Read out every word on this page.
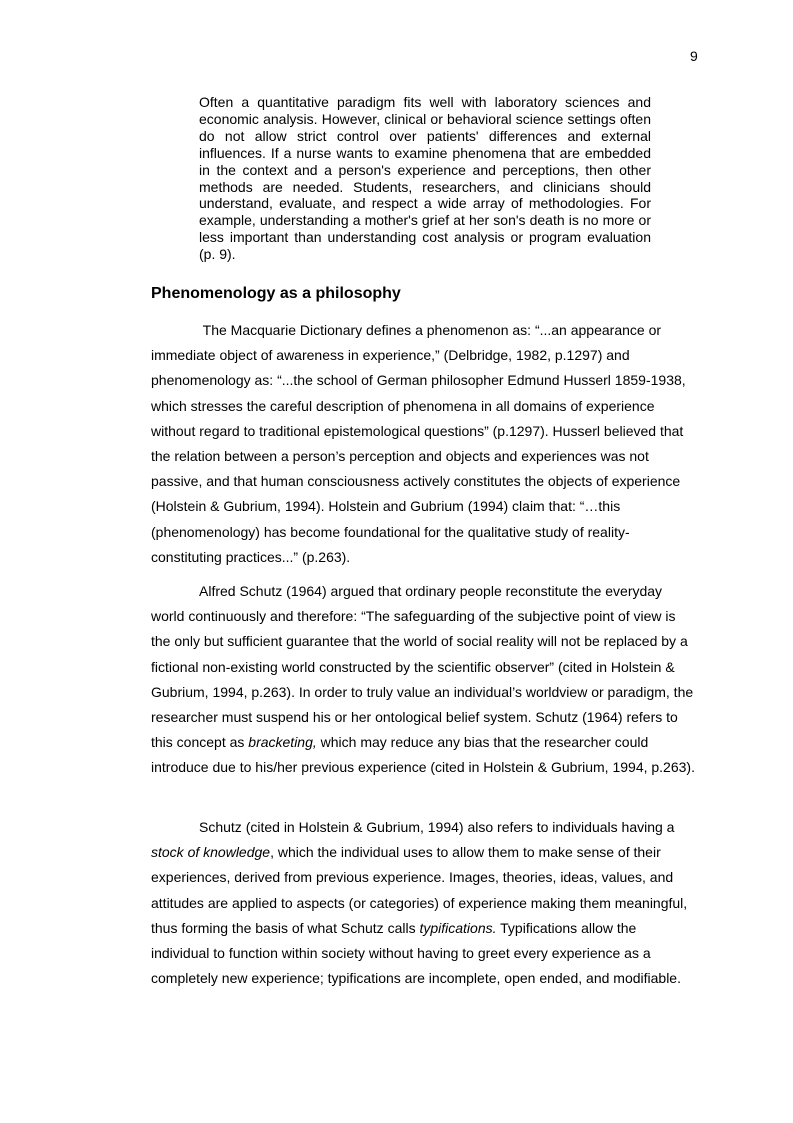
9

Often a quantitative paradigm fits well with laboratory sciences and economic analysis. However, clinical or behavioral science settings often do not allow strict control over patients' differences and external influences. If a nurse wants to examine phenomena that are embedded in the context and a person's experience and perceptions, then other methods are needed. Students, researchers, and clinicians should understand, evaluate, and respect a wide array of methodologies. For example, understanding a mother's grief at her son's death is no more or less important than understanding cost analysis or program evaluation (p. 9).

Phenomenology as a philosophy

The Macquarie Dictionary defines a phenomenon as: “...an appearance or immediate object of awareness in experience,” (Delbridge, 1982, p.1297) and phenomenology as: “...the school of German philosopher Edmund Husserl 1859-1938, which stresses the careful description of phenomena in all domains of experience without regard to traditional epistemological questions” (p.1297). Husserl believed that the relation between a person’s perception and objects and experiences was not passive, and that human consciousness actively constitutes the objects of experience (Holstein & Gubrium, 1994). Holstein and Gubrium (1994) claim that: “…this (phenomenology) has become foundational for the qualitative study of reality-constituting practices...” (p.263).

Alfred Schutz (1964) argued that ordinary people reconstitute the everyday world continuously and therefore: “The safeguarding of the subjective point of view is the only but sufficient guarantee that the world of social reality will not be replaced by a fictional non-existing world constructed by the scientific observer” (cited in Holstein & Gubrium, 1994, p.263). In order to truly value an individual’s worldview or paradigm, the researcher must suspend his or her ontological belief system. Schutz (1964) refers to this concept as bracketing, which may reduce any bias that the researcher could introduce due to his/her previous experience (cited in Holstein & Gubrium, 1994, p.263).

Schutz (cited in Holstein & Gubrium, 1994) also refers to individuals having a stock of knowledge, which the individual uses to allow them to make sense of their experiences, derived from previous experience. Images, theories, ideas, values, and attitudes are applied to aspects (or categories) of experience making them meaningful, thus forming the basis of what Schutz calls typifications. Typifications allow the individual to function within society without having to greet every experience as a completely new experience; typifications are incomplete, open ended, and modifiable.
